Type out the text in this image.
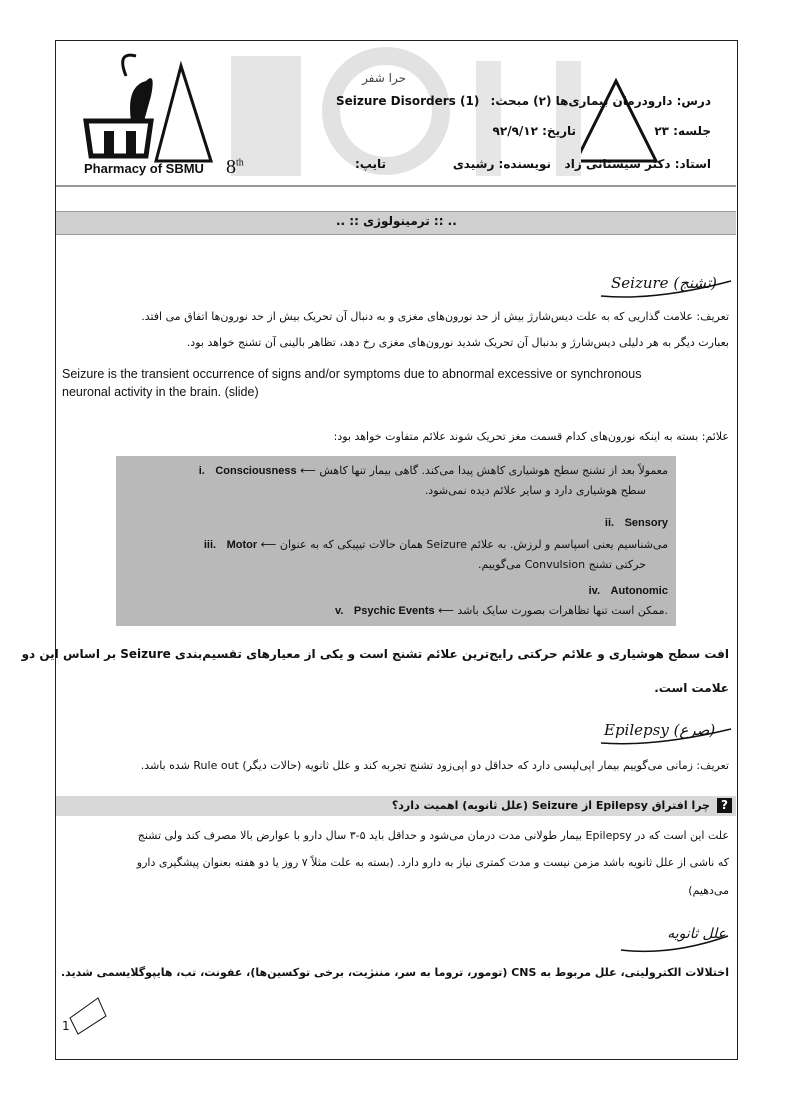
حرا شفر
Seizure Disorders (1) درس: دارودرمان بیماری‌ها (۲) مبحث:
تاریخ: ۹۲/۹/۱۲	جلسه: ۲۳
تایپ:	نویسنده: رشیدی	استاد: دکتر سیستانی زاد
Pharmacy of SBMU 8th
.. :: ترمینولوژی :: ..
Seizure (تشنج)
تعریف: علامت گذاریی که به علت دیس‌شارژ بیش از حد نورون‌های مغزی و به دنبال آن تحریک بیش از حد نورون‌ها اتفاق می افتد.
بعبارت دیگر به هر دلیلی دیس‌شارژ و بدنبال آن تحریک شدید نورون‌های مغزی رخ دهد، تظاهر بالینی آن تشنج خواهد بود.
Seizure is the transient occurrence of signs and/or symptoms due to abnormal excessive or synchronous
neuronal activity in the brain. (slide)
علائم: بسته به اینکه نورون‌های کدام قسمت مغز تحریک شوند علائم متفاوت خواهد بود:
i. Consciousness ⟵ معمولاً بعد از تشنج سطح هوشیاری کاهش پیدا می‌کند. گاهی بیمار تنها کاهش
سطح هوشیاری دارد و سایر علائم دیده نمی‌شود.
ii. Sensory
iii. Motor ⟵ همان حالات تیپیکی که به عنوان Seizure می‌شناسیم یعنی اسپاسم و لرزش. به علائم
حرکتی تشنج Convulsion می‌گوییم.
iv. Autonomic
v. Psychic Events ⟵ ممکن است تنها تظاهرات بصورت سایک باشد.
افت سطح هوشیاری و علائم حرکتی رایج‌ترین علائم تشنج است و یکی از معیارهای تقسیم‌بندی Seizure بر اساس این دو
علامت است.
Epilepsy (صرع)
تعریف: زمانی می‌گوییم بیمار اپی‌لپسی دارد که حداقل دو اپی‌زود تشنج تجربه کند و علل ثانویه (حالات دیگر) Rule out شده باشد.
?
چرا افتراق Epilepsy از Seizure (علل ثانویه) اهمیت دارد؟
علت این است که در Epilepsy بیمار طولانی مدت درمان می‌شود و حداقل باید ۵-۳ سال دارو با عوارض بالا مصرف کند ولی تشنج
که ناشی از علل ثانویه باشد مزمن نیست و مدت کمتری نیاز به دارو دارد. (بسته به علت مثلاً ۷ روز یا دو هفته بعنوان پیشگیری دارو
می‌دهیم)
علل ثانویه
اختلالات الکترولیتی، علل مربوط به CNS (تومور، تروما به سر، مننژیت، برخی توکسین‌ها)، عفونت، تب، هایپوگلایسمی شدید.
1
